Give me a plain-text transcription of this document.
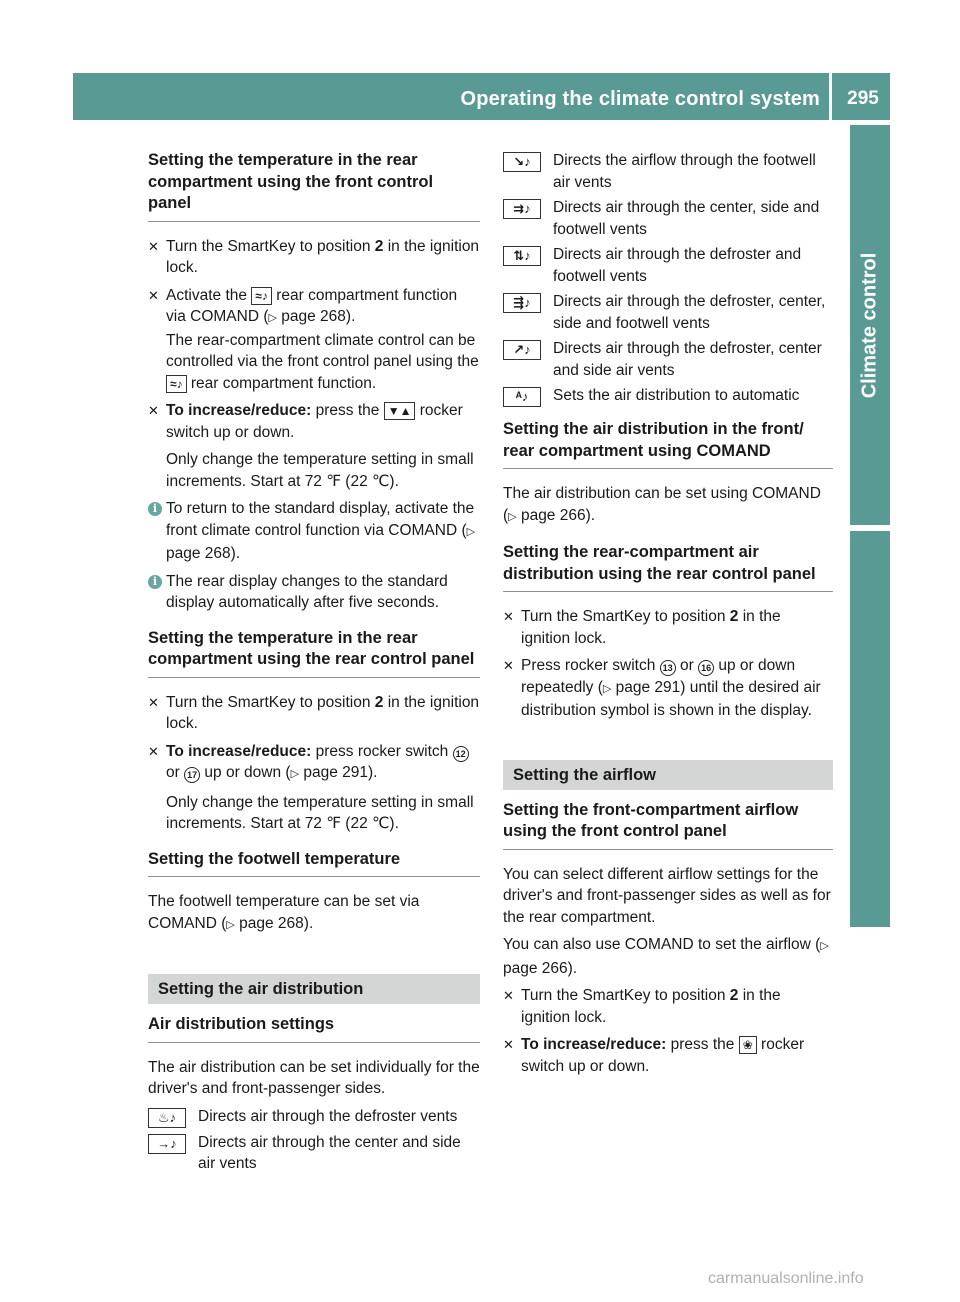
Operating the climate control system	295
Climate control
Setting the temperature in the rear compartment using the front control panel
✕ Turn the SmartKey to position 2 in the ignition lock.
✕ Activate the ≈♪ rear compartment function via COMAND (▷ page 268).
The rear-compartment climate control can be controlled via the front control panel using the ≈♪ rear compartment function.
✕ To increase/reduce: press the ▼▲ rocker switch up or down.

Only change the temperature setting in small increments. Start at 72 ℉ (22 ℃).

i To return to the standard display, activate the front climate control function via COMAND (▷ page 268).
i The rear display changes to the standard display automatically after five seconds.
Setting the temperature in the rear compartment using the rear control panel
✕ Turn the SmartKey to position 2 in the ignition lock.
✕ To increase/reduce: press rocker switch 12 or 17 up or down (▷ page 291).

Only change the temperature setting in small increments. Start at 72 ℉ (22 ℃).

Setting the footwell temperature

The footwell temperature can be set via COMAND (▷ page 268).

Setting the air distribution
Air distribution settings

The air distribution can be set individually for the driver's and front-passenger sides.

♨♪	Directs air through the defroster vents
→♪	Directs air through the center and side air vents
↘♪	Directs the airflow through the footwell air vents
⇉♪	Directs air through the center, side and footwell vents
⇅♪	Directs air through the defroster and footwell vents
⇶♪	Directs air through the defroster, center, side and footwell vents
↗♪	Directs air through the defroster, center and side air vents
ᴬ♪	Sets the air distribution to automatic
Setting the air distribution in the front/ rear compartment using COMAND

The air distribution can be set using COMAND (▷ page 266).

Setting the rear-compartment air distribution using the rear control panel
✕ Turn the SmartKey to position 2 in the ignition lock.
✕ Press rocker switch 13 or 16 up or down repeatedly (▷ page 291) until the desired air distribution symbol is shown in the display.
Setting the airflow
Setting the front-compartment airflow using the front control panel

You can select different airflow settings for the driver's and front-passenger sides as well as for the rear compartment.

You can also use COMAND to set the airflow (▷ page 266).

✕ Turn the SmartKey to position 2 in the ignition lock.
✕ To increase/reduce: press the ❀ rocker switch up or down.
carmanualsonline.info
